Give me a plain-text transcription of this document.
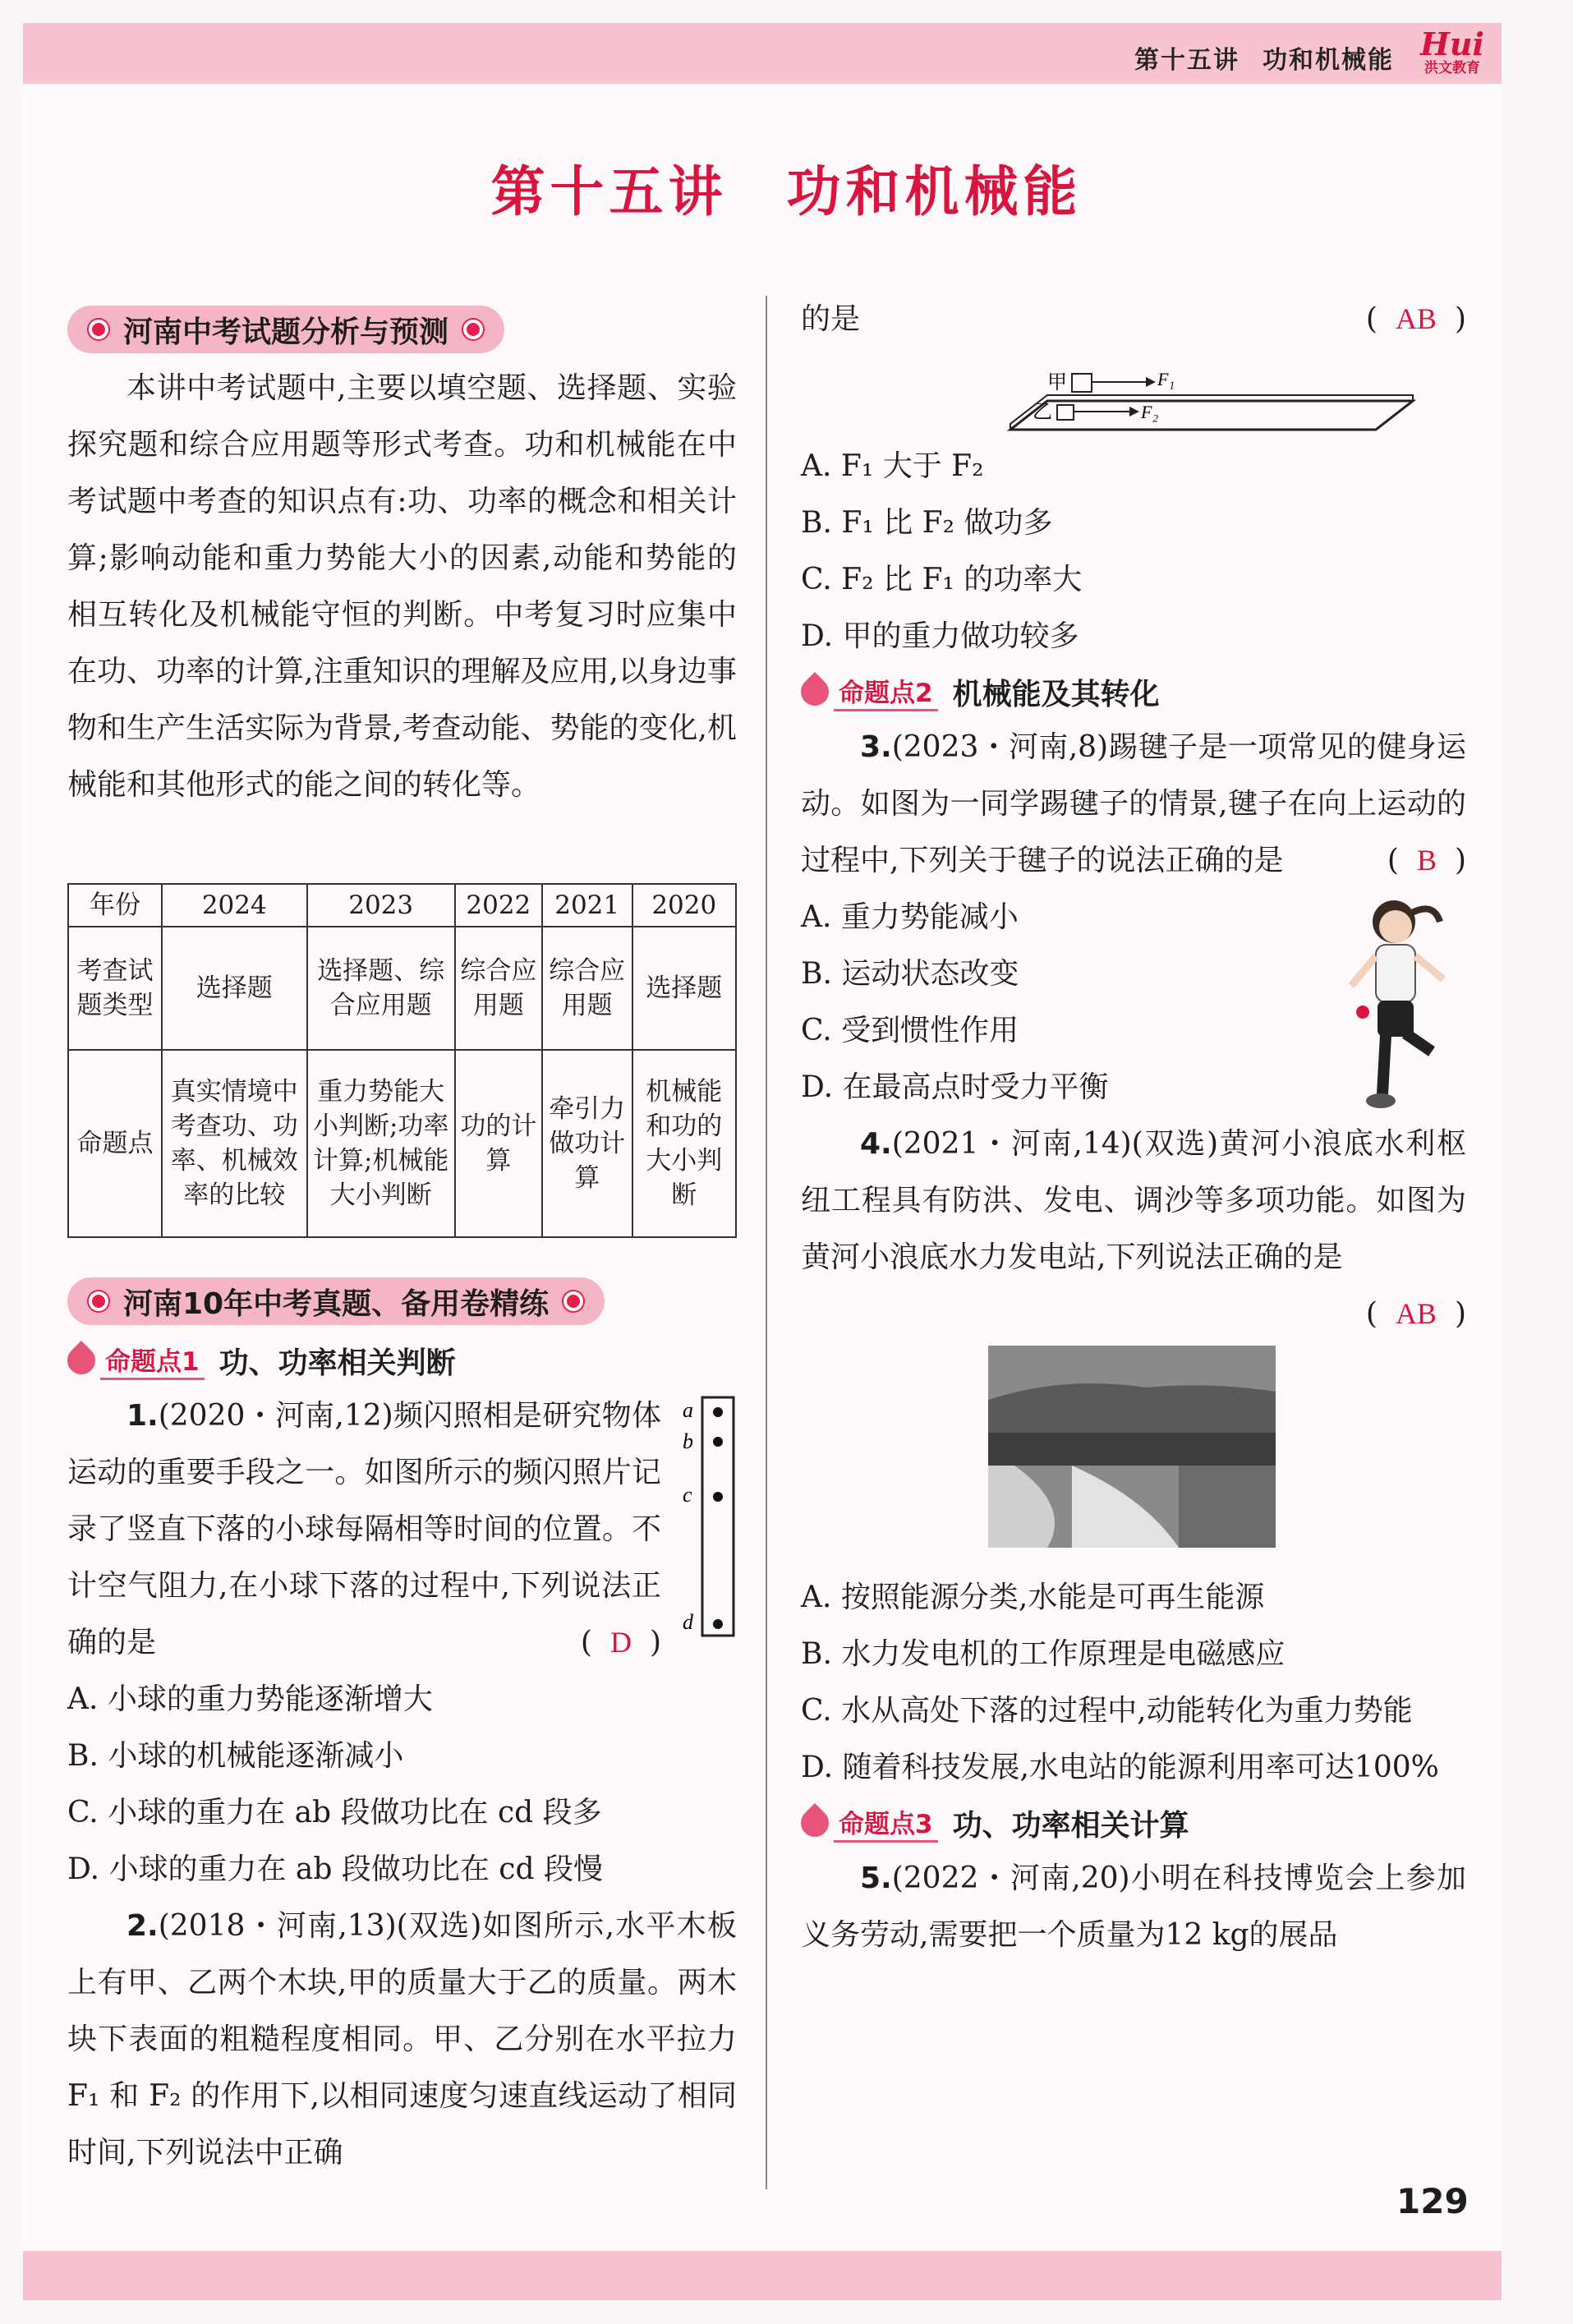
第十五讲 功和机械能 Hui
洪文教育
第十五讲　功和机械能
河南中考试题分析与预测

本讲中考试题中,主要以填空题、选择题、实验探究题和综合应用题等形式考查。功和机械能在中考试题中考查的知识点有:功、功率的概念和相关计算;影响动能和重力势能大小的因素,动能和势能的相互转化及机械能守恒的判断。中考复习时应集中在功、功率的计算,注重知识的理解及应用,以身边事物和生产生活实际为背景,考查动能、势能的变化,机械能和其他形式的能之间的转化等。

年份	2024	2023	2022	2021	2020
考查试题类型	选择题	选择题、综合应用题	综合应用题	综合应用题	选择题
命题点	真实情境中考查功、功率、机械效率的比较	重力势能大小判断;功率计算;机械能大小判断	功的计算	牵引力做功计算	机械能和功的大小判断
河南10年中考真题、备用卷精练
命题点1 功、功率相关判断
a
b
c
d

1.(2020・河南,12)频闪照相是研究物体运动的重要手段之一。如图所示的频闪照片记录了竖直下落的小球每隔相等时间的位置。不计空气阻力,在小球下落的过程中,下列说法正确的是	( D )

A. 小球的重力势能逐渐增大

B. 小球的机械能逐渐减小

C. 小球的重力在 ab 段做功比在 cd 段多

D. 小球的重力在 ab 段做功比在 cd 段慢

2.(2018・河南,13)(双选)如图所示,水平木板上有甲、乙两个木块,甲的质量大于乙的质量。两木块下表面的粗糙程度相同。甲、乙分别在水平拉力 F₁ 和 F₂ 的作用下,以相同速度匀速直线运动了相同时间,下列说法中正确

的是	( AB )

甲	F₁
乙	F₂

A. F₁ 大于 F₂

B. F₁ 比 F₂ 做功多

C. F₂ 比 F₁ 的功率大

D. 甲的重力做功较多

命题点2 机械能及其转化

3.(2023・河南,8)踢毽子是一项常见的健身运动。如图为一同学踢毽子的情景,毽子在向上运动的过程中,下列关于毽子的说法正确的是	( B )

A. 重力势能减小

B. 运动状态改变

C. 受到惯性作用

D. 在最高点时受力平衡

4.(2021・河南,14)(双选)黄河小浪底水利枢纽工程具有防洪、发电、调沙等多项功能。如图为黄河小浪底水力发电站,下列说法正确的是
( AB )

A. 按照能源分类,水能是可再生能源

B. 水力发电机的工作原理是电磁感应

C. 水从高处下落的过程中,动能转化为重力势能

D. 随着科技发展,水电站的能源利用率可达100%

命题点3 功、功率相关计算

5.(2022・河南,20)小明在科技博览会上参加义务劳动,需要把一个质量为12 kg的展品

129
